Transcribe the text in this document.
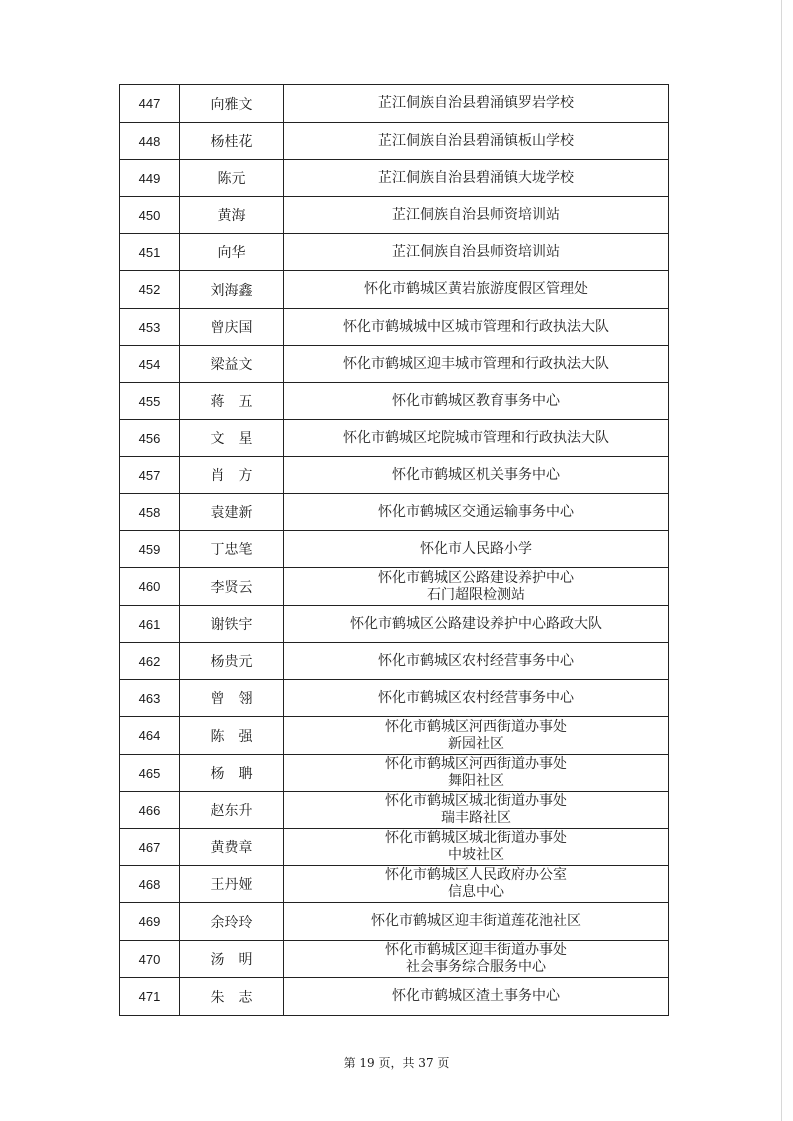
447	向雅文	芷江侗族自治县碧涌镇罗岩学校

448	杨桂花	芷江侗族自治县碧涌镇板山学校

449	陈元	芷江侗族自治县碧涌镇大垅学校

450	黄海	芷江侗族自治县师资培训站

451	向华	芷江侗族自治县师资培训站

452	刘海鑫	怀化市鹤城区黄岩旅游度假区管理处

453	曾庆国	怀化市鹤城城中区城市管理和行政执法大队

454	梁益文	怀化市鹤城区迎丰城市管理和行政执法大队

455	蒋　五	怀化市鹤城区教育事务中心

456	文　星	怀化市鹤城区坨院城市管理和行政执法大队

457	肖　方	怀化市鹤城区机关事务中心

458	袁建新	怀化市鹤城区交通运输事务中心

459	丁忠笔	怀化市人民路小学

460	李贤云	怀化市鹤城区公路建设养护中心
石门超限检测站

461	谢铁宇	怀化市鹤城区公路建设养护中心路政大队

462	杨贵元	怀化市鹤城区农村经营事务中心

463	曾　翎	怀化市鹤城区农村经营事务中心

464	陈　强	怀化市鹤城区河西街道办事处
新园社区

465	杨　聃	怀化市鹤城区河西街道办事处
舞阳社区

466	赵东升	怀化市鹤城区城北街道办事处
瑞丰路社区

467	黄费章	怀化市鹤城区城北街道办事处
中坡社区

468	王丹娅	怀化市鹤城区人民政府办公室
信息中心

469	余玲玲	怀化市鹤城区迎丰街道莲花池社区

470	汤　明	怀化市鹤城区迎丰街道办事处
社会事务综合服务中心

471	朱　志	怀化市鹤城区渣土事务中心
第 19 页，共 37 页
